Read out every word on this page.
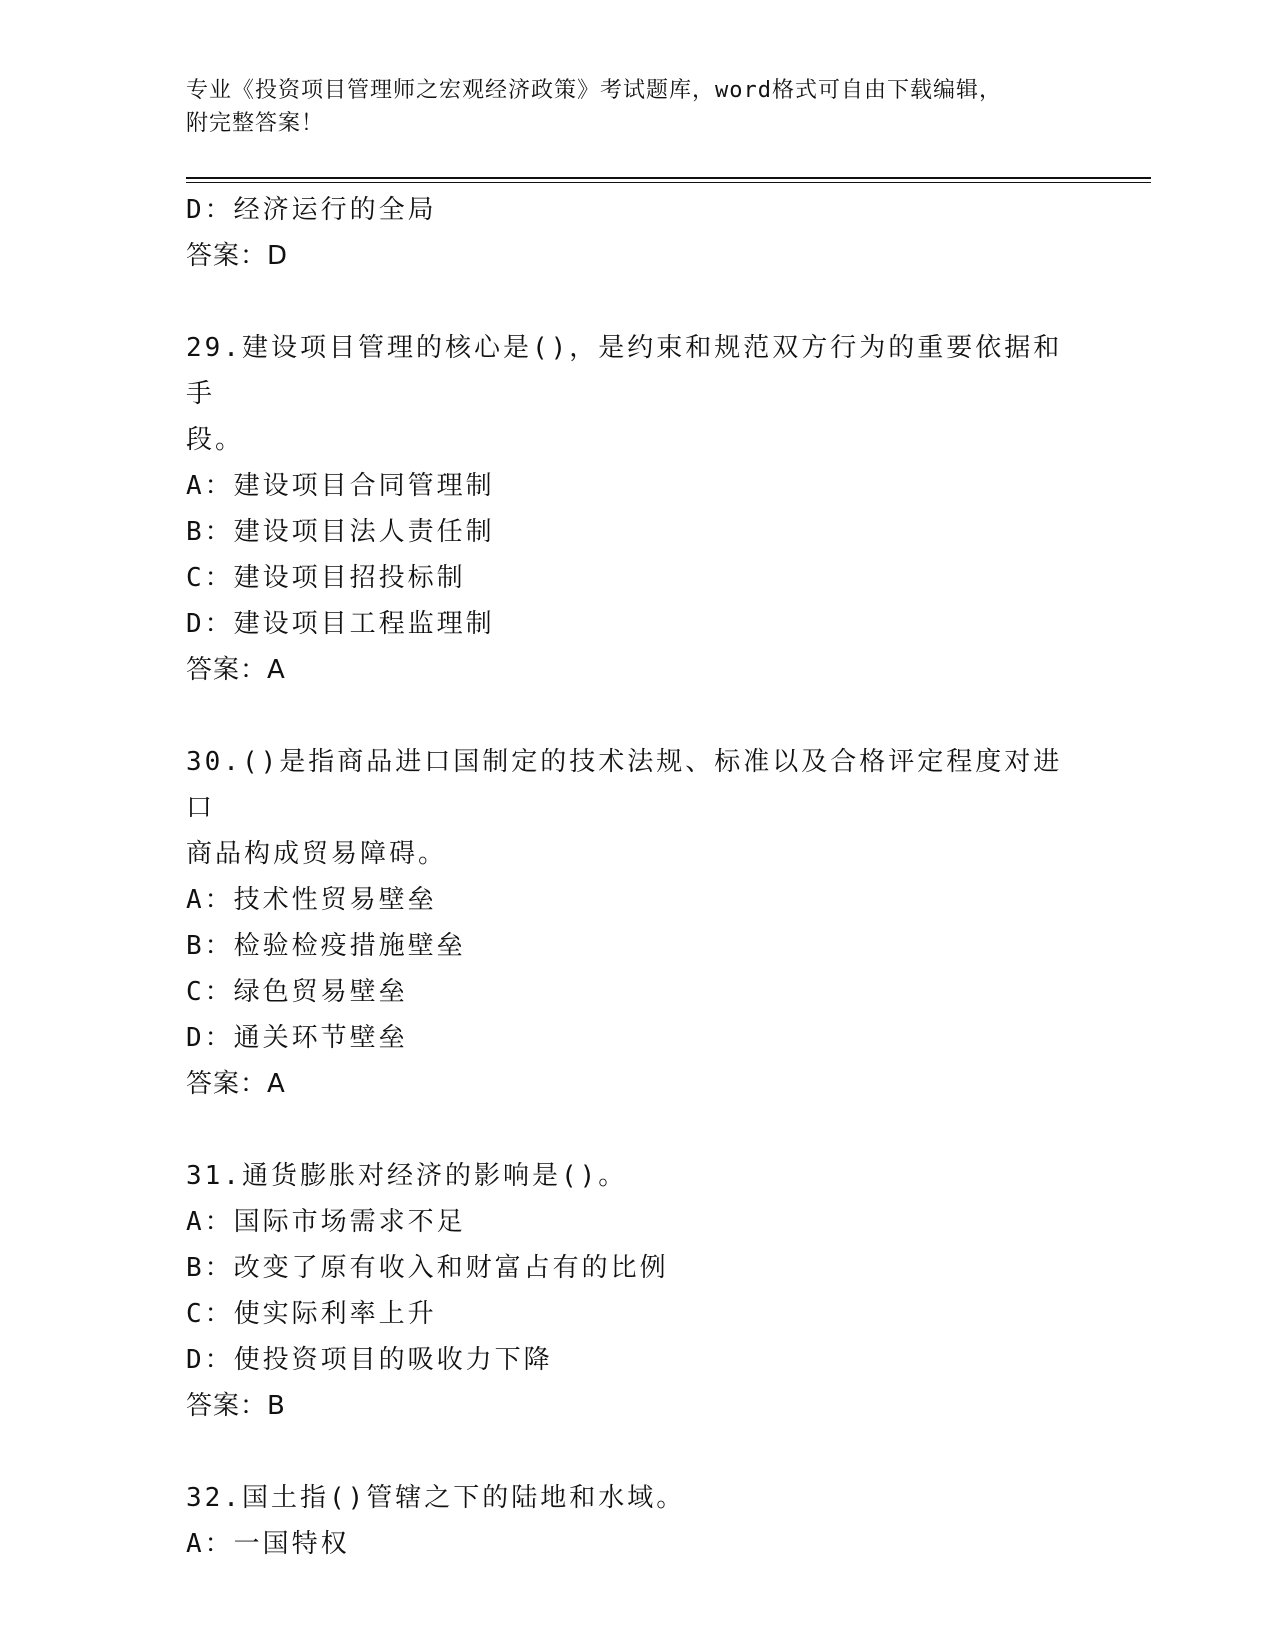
专业《投资项目管理师之宏观经济政策》考试题库，word格式可自由下载编辑，
附完整答案！
D：经济运行的全局
答案：D
29.建设项目管理的核心是()，是约束和规范双方行为的重要依据和手
段。
A：建设项目合同管理制
B：建设项目法人责任制
C：建设项目招投标制
D：建设项目工程监理制
答案：A
30.()是指商品进口国制定的技术法规、标准以及合格评定程度对进口
商品构成贸易障碍。
A：技术性贸易壁垒
B：检验检疫措施壁垒
C：绿色贸易壁垒
D：通关环节壁垒
答案：A
31.通货膨胀对经济的影响是()。
A：国际市场需求不足
B：改变了原有收入和财富占有的比例
C：使实际利率上升
D：使投资项目的吸收力下降
答案：B
32.国土指()管辖之下的陆地和水域。
A：一国特权
